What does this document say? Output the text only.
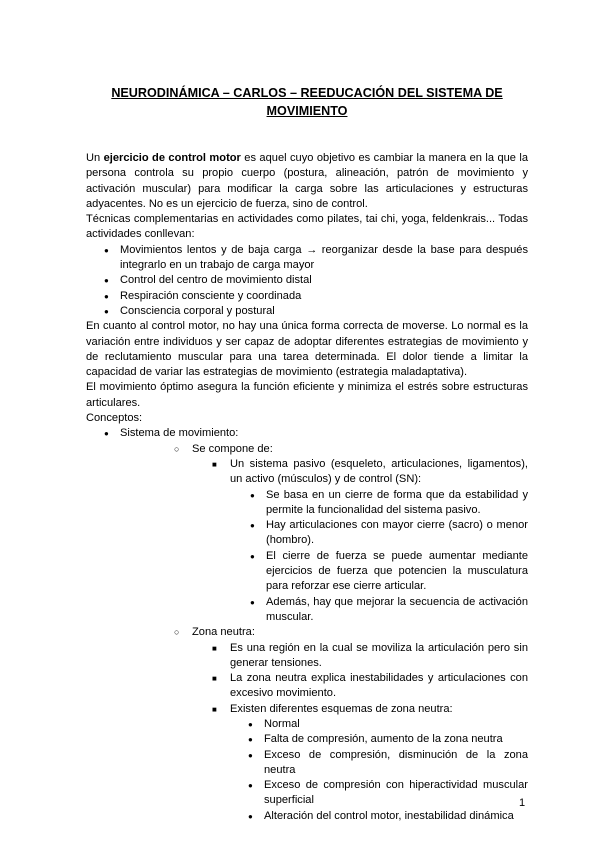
NEURODINÁMICA – CARLOS – REEDUCACIÓN DEL SISTEMA DE MOVIMIENTO

Un ejercicio de control motor es aquel cuyo objetivo es cambiar la manera en la que la persona controla su propio cuerpo (postura, alineación, patrón de movimiento y activación muscular) para modificar la carga sobre las articulaciones y estructuras adyacentes. No es un ejercicio de fuerza, sino de control.

Técnicas complementarias en actividades como pilates, tai chi, yoga, feldenkrais... Todas actividades conllevan:

● Movimientos lentos y de baja carga → reorganizar desde la base para después integrarlo en un trabajo de carga mayor
● Control del centro de movimiento distal
● Respiración consciente y coordinada
● Consciencia corporal y postural

En cuanto al control motor, no hay una única forma correcta de moverse. Lo normal es la variación entre individuos y ser capaz de adoptar diferentes estrategias de movimiento y de reclutamiento muscular para una tarea determinada. El dolor tiende a limitar la capacidad de variar las estrategias de movimiento (estrategia maladaptativa).

El movimiento óptimo asegura la función eficiente y minimiza el estrés sobre estructuras articulares.

Conceptos:

● Sistema de movimiento:
○ Se compone de:
■ Un sistema pasivo (esqueleto, articulaciones, ligamentos), un activo (músculos) y de control (SN):
● Se basa en un cierre de forma que da estabilidad y permite la funcionalidad del sistema pasivo.
● Hay articulaciones con mayor cierre (sacro) o menor (hombro).
● El cierre de fuerza se puede aumentar mediante ejercicios de fuerza que potencien la musculatura para reforzar ese cierre articular.
● Además, hay que mejorar la secuencia de activación muscular.
○ Zona neutra:
■ Es una región en la cual se moviliza la articulación pero sin generar tensiones.
■ La zona neutra explica inestabilidades y articulaciones con excesivo movimiento.
■ Existen diferentes esquemas de zona neutra:
● Normal
● Falta de compresión, aumento de la zona neutra
● Exceso de compresión, disminución de la zona neutra
● Exceso de compresión con hiperactividad muscular superficial
● Alteración del control motor, inestabilidad dinámica
1
